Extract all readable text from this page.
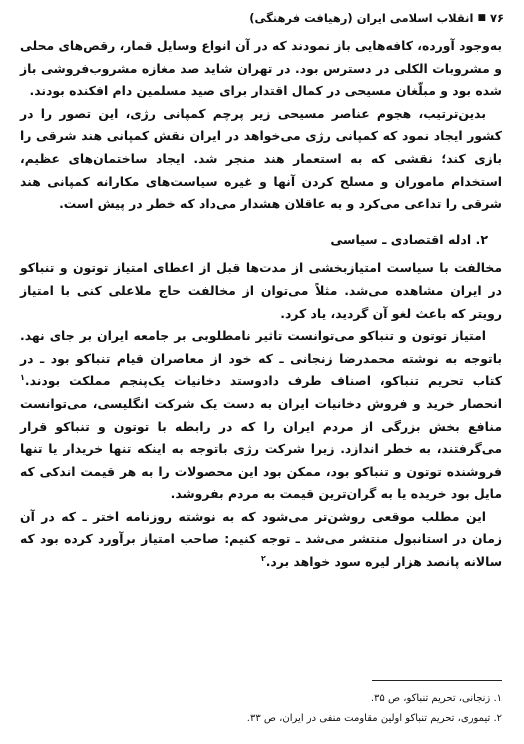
۷۶
■
انقلاب اسلامی ایران (رهیافت فرهنگی)

به‌وجود آورده، کافه‌هایی باز نمودند که در آن انواع وسایل قمار، رقص‌های محلی و مشروبات الکلی در دسترس بود. در تهران شاید صد مغازه مشروب‌فروشی باز شده بود و مبلّغان مسیحی در کمال اقتدار برای صید مسلمین دام افکنده بودند.

بدین‌ترتیب، هجوم عناصر مسیحی زیر پرچم کمپانی رژی، این تصور را در کشور ایجاد نمود که کمپانی رژی می‌خواهد در ایران نقش کمپانی هند شرقی را بازی کند؛ نقشی که به استعمار هند منجر شد. ایجاد ساختمان‌های عظیم، استخدام ماموران و مسلح کردن آنها و غیره سیاست‌های مکارانه کمپانی هند شرقی را تداعی می‌کرد و به عاقلان هشدار می‌داد که خطر در پیش است.

۲. ادله اقتصادی ـ سیاسی

مخالفت با سیاست امتیازبخشی از مدت‌ها قبل از اعطای امتیاز توتون و تنباکو در ایران مشاهده می‌شد. مثلاً می‌توان از مخالفت حاج ملاعلی کنی با امتیاز رویتر که باعث لغو آن گردید، یاد کرد.

امتیاز توتون و تنباکو می‌توانست تاثیر نامطلوبی بر جامعه ایران بر جای نهد. باتوجه به نوشته محمدرضا زنجانی ـ که خود از معاصران قیام تنباکو بود ـ در کتاب تحریم تنباکو، اصناف طرف دادوستد دخانیات یک‌پنجم مملکت بودند.$^۱$ انحصار خرید و فروش دخانیات ایران به دست یک شرکت انگلیسی، می‌توانست منافع بخش بزرگی از مردم ایران را که در رابطه با توتون و تنباکو قرار می‌گرفتند، به خطر اندازد. زیرا شرکت رژی باتوجه به اینکه تنها خریدار یا تنها فروشنده توتون و تنباکو بود، ممکن بود این محصولات را به هر قیمت اندکی که مایل بود خریده یا به گران‌ترین قیمت به مردم بفروشد.

این مطلب موقعی روشن‌تر می‌شود که به نوشته روزنامه اختر ـ که در آن زمان در استانبول منتشر می‌شد ـ توجه کنیم: صاحب امتیاز برآورد کرده بود که سالانه پانصد هزار لیره سود خواهد برد.$^۲$

۱. زنجانی، تحریم تنباکو، ص ۳۵.
۲. تیموری، تحریم تنباکو اولین مقاومت منفی در ایران، ص ۳۳.
